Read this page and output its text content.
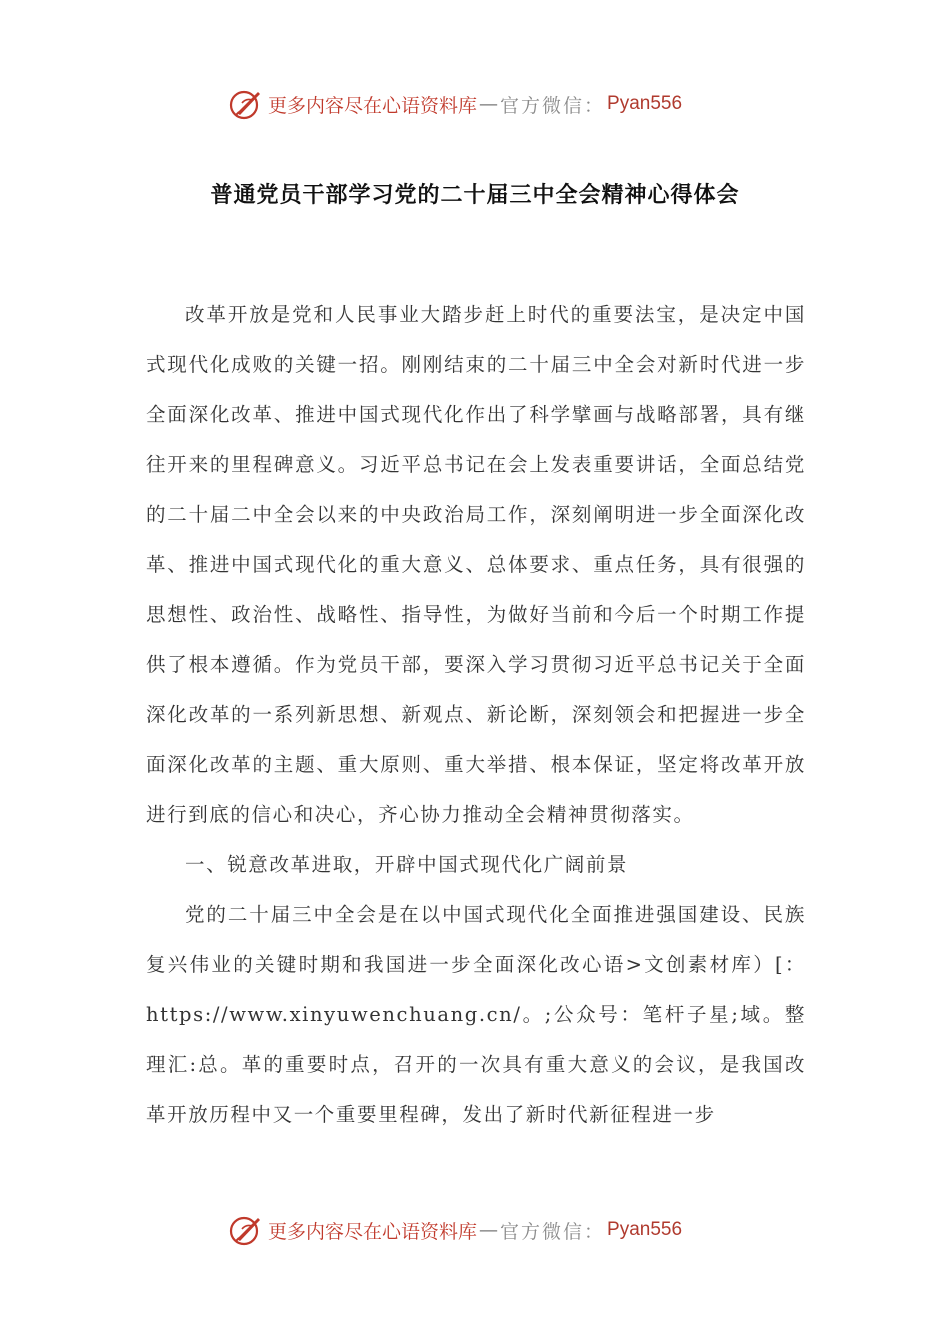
更多内容尽在心语资料库 — 官方微信： Pyan556
普通党员干部学习党的二十届三中全会精神心得体会

改革开放是党和人民事业大踏步赶上时代的重要法宝，是决定中国式现代化成败的关键一招。刚刚结束的二十届三中全会对新时代进一步全面深化改革、推进中国式现代化作出了科学擘画与战略部署，具有继往开来的里程碑意义。习近平总书记在会上发表重要讲话，全面总结党的二十届二中全会以来的中央政治局工作，深刻阐明进一步全面深化改革、推进中国式现代化的重大意义、总体要求、重点任务，具有很强的思想性、政治性、战略性、指导性，为做好当前和今后一个时期工作提供了根本遵循。作为党员干部，要深入学习贯彻习近平总书记关于全面深化改革的一系列新思想、新观点、新论断，深刻领会和把握进一步全面深化改革的主题、重大原则、重大举措、根本保证，坚定将改革开放进行到底的信心和决心，齐心协力推动全会精神贯彻落实。

一、锐意改革进取，开辟中国式现代化广阔前景

党的二十届三中全会是在以中国式现代化全面推进强国建设、民族复兴伟业的关键时期和我国进一步全面深化改心语>文创素材库）[：https://www.xinyuwenchuang.cn/。;公众号：笔杆子星;域。整理汇:总。革的重要时点，召开的一次具有重大意义的会议，是我国改革开放历程中又一个重要里程碑，发出了新时代新征程进一步

更多内容尽在心语资料库 — 官方微信： Pyan556
